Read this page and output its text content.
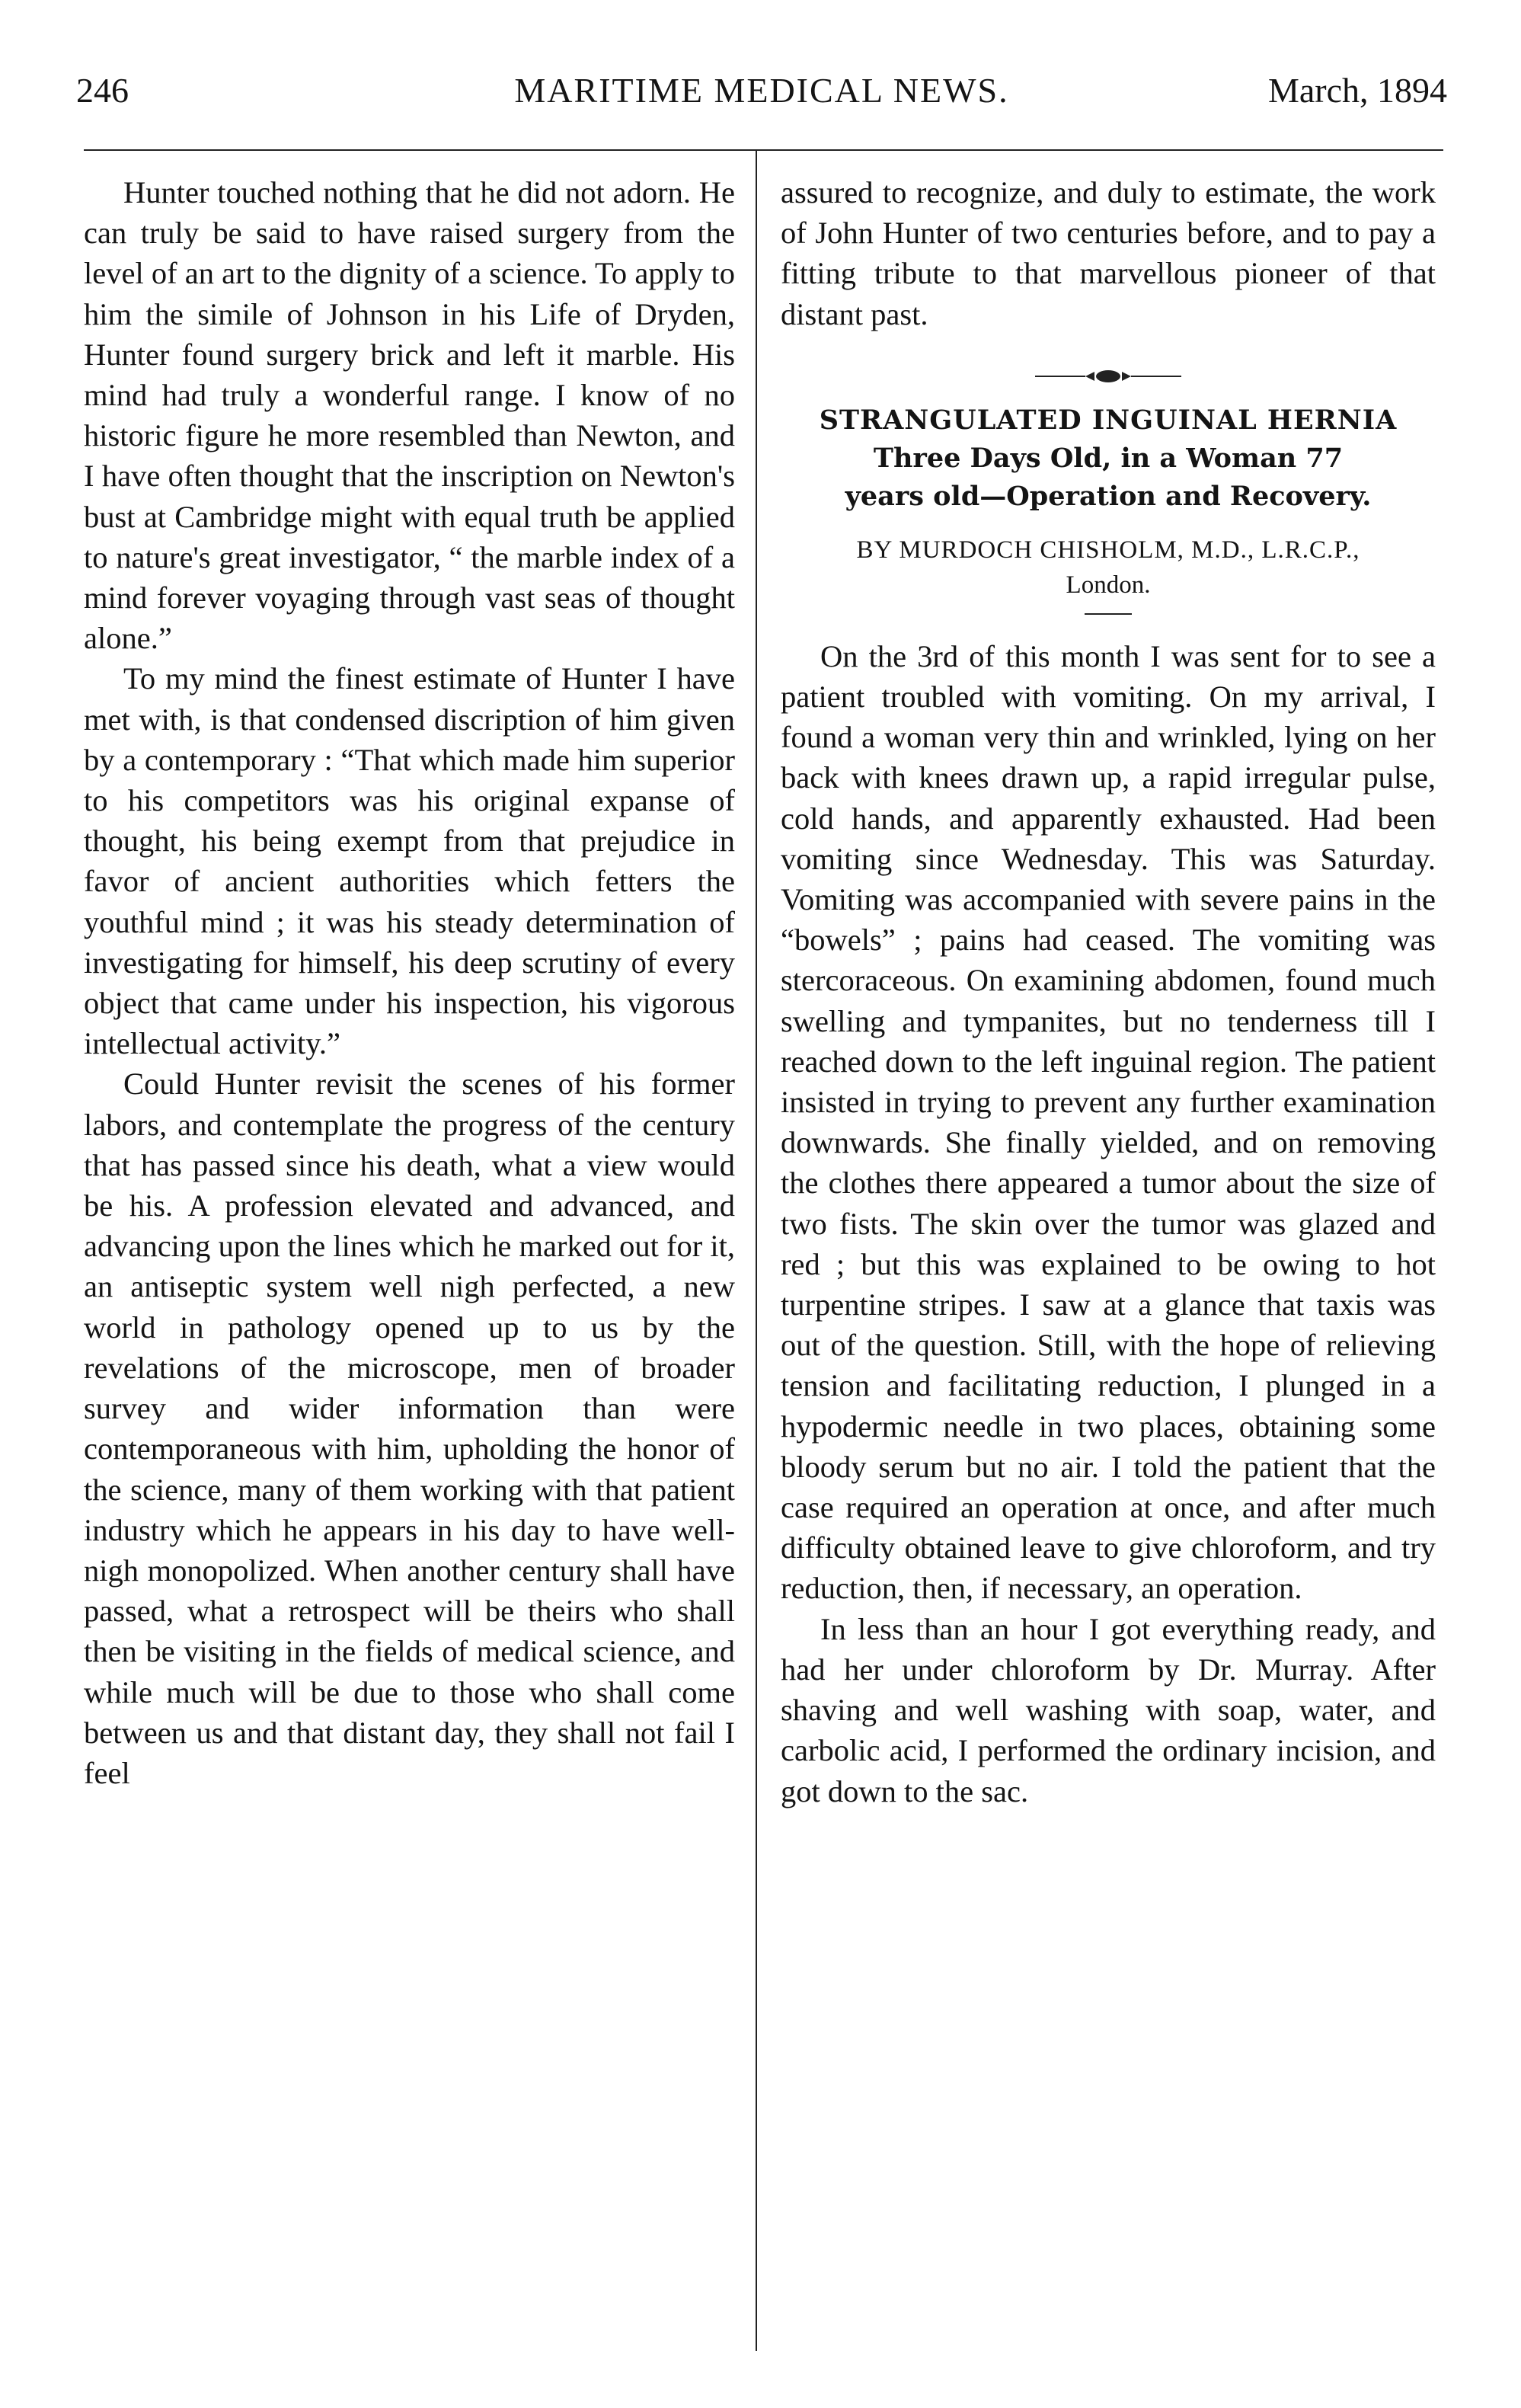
246	MARITIME MEDICAL NEWS.	March, 1894

Hunter touched nothing that he did not adorn. He can truly be said to have raised surgery from the level of an art to the dignity of a science. To apply to him the simile of Johnson in his Life of Dryden, Hunter found surgery brick and left it marble. His mind had truly a wonderful range. I know of no historic figure he more resembled than Newton, and I have often thought that the inscription on Newton's bust at Cambridge might with equal truth be applied to nature's great investigator, “ the marble index of a mind forever voyaging through vast seas of thought alone.”

To my mind the finest estimate of Hunter I have met with, is that condensed discription of him given by a contemporary : “That which made him superior to his competitors was his original expanse of thought, his being exempt from that prejudice in favor of ancient authorities which fetters the youthful mind ; it was his steady determination of investigating for himself, his deep scrutiny of every object that came under his inspection, his vigorous intellectual activity.”

Could Hunter revisit the scenes of his former labors, and contemplate the progress of the century that has passed since his death, what a view would be his. A profession elevated and advanced, and advancing upon the lines which he marked out for it, an antiseptic system well nigh perfected, a new world in pathology opened up to us by the revelations of the microscope, men of broader survey and wider information than were contemporaneous with him, upholding the honor of the science, many of them working with that patient industry which he appears in his day to have well-nigh monopolized. When another century shall have passed, what a retrospect will be theirs who shall then be visiting in the fields of medical science, and while much will be due to those who shall come between us and that distant day, they shall not fail I feel

assured to recognize, and duly to estimate, the work of John Hunter of two centuries before, and to pay a fitting tribute to that marvellous pioneer of that distant past.

STRANGULATED INGUINAL HERNIA

Three Days Old, in a Woman 77

years old—Operation and Recovery.

BY MURDOCH CHISHOLM, M.D., L.R.C.P.,

London.

On the 3rd of this month I was sent for to see a patient troubled with vomiting. On my arrival, I found a woman very thin and wrinkled, lying on her back with knees drawn up, a rapid irregular pulse, cold hands, and apparently exhausted. Had been vomiting since Wednesday. This was Saturday. Vomiting was accompanied with severe pains in the “bowels” ; pains had ceased. The vomiting was stercoraceous. On examining abdomen, found much swelling and tympanites, but no tenderness till I reached down to the left inguinal region. The patient insisted in trying to prevent any further examination downwards. She finally yielded, and on removing the clothes there appeared a tumor about the size of two fists. The skin over the tumor was glazed and red ; but this was explained to be owing to hot turpentine stripes. I saw at a glance that taxis was out of the question. Still, with the hope of relieving tension and facilitating reduction, I plunged in a hypodermic needle in two places, obtaining some bloody serum but no air. I told the patient that the case required an operation at once, and after much difficulty obtained leave to give chloroform, and try reduction, then, if necessary, an operation.

In less than an hour I got everything ready, and had her under chloroform by Dr. Murray. After shaving and well washing with soap, water, and carbolic acid, I performed the ordinary incision, and got down to the sac.
